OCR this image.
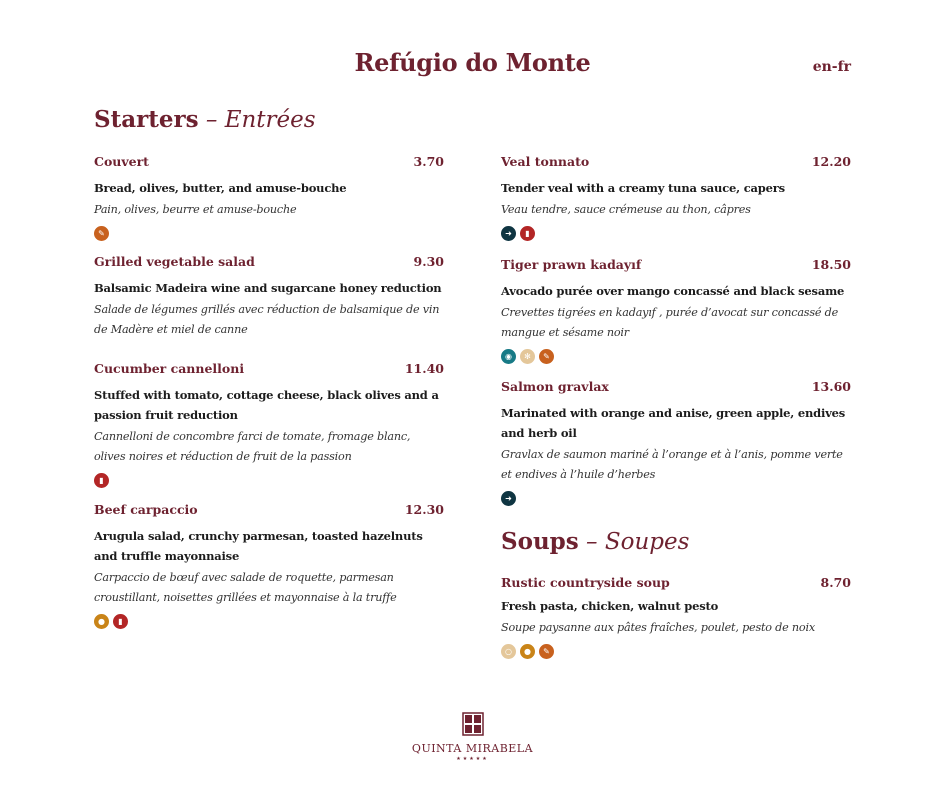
Refúgio do Monte	en-fr
Starters – Entrées
Couvert	3.70
Bread, olives, butter, and amuse-bouche
Pain, olives, beurre et amuse-bouche
✎
Grilled vegetable salad	9.30
Balsamic Madeira wine and sugarcane honey reduction
Salade de légumes grillés avec réduction de balsamique de vin de Madère et miel de canne
Cucumber cannelloni	11.40
Stuffed with tomato, cottage cheese, black olives and a passion fruit reduction
Cannelloni de concombre farci de tomate, fromage blanc, olives noires et réduction de fruit de la passion
▮
Beef carpaccio	12.30
Arugula salad, crunchy parmesan, toasted hazelnuts and truffle mayonnaise
Carpaccio de bœuf avec salade de roquette, parmesan croustillant, noisettes grillées et mayonnaise à la truffe
●	▮
Veal tonnato	12.20
Tender veal with a creamy tuna sauce, capers
Veau tendre, sauce crémeuse au thon, câpres
➜	▮
Tiger prawn kadayıf	18.50
Avocado purée over mango concassé and black sesame
Crevettes tigrées en kadayıf , purée d’avocat sur concassé de mangue et sésame noir
◉	✻	✎
Salmon gravlax	13.60
Marinated with orange and anise, green apple, endives and herb oil
Gravlax de saumon mariné à l’orange et à l’anis, pomme verte et endives à l’huile d’herbes
➜
Soups – Soupes
Rustic countryside soup	8.70
Fresh pasta, chicken, walnut pesto
Soupe paysanne aux pâtes fraîches, poulet, pesto de noix
○	●	✎
QUINTA MIRABELA
★★★★★
